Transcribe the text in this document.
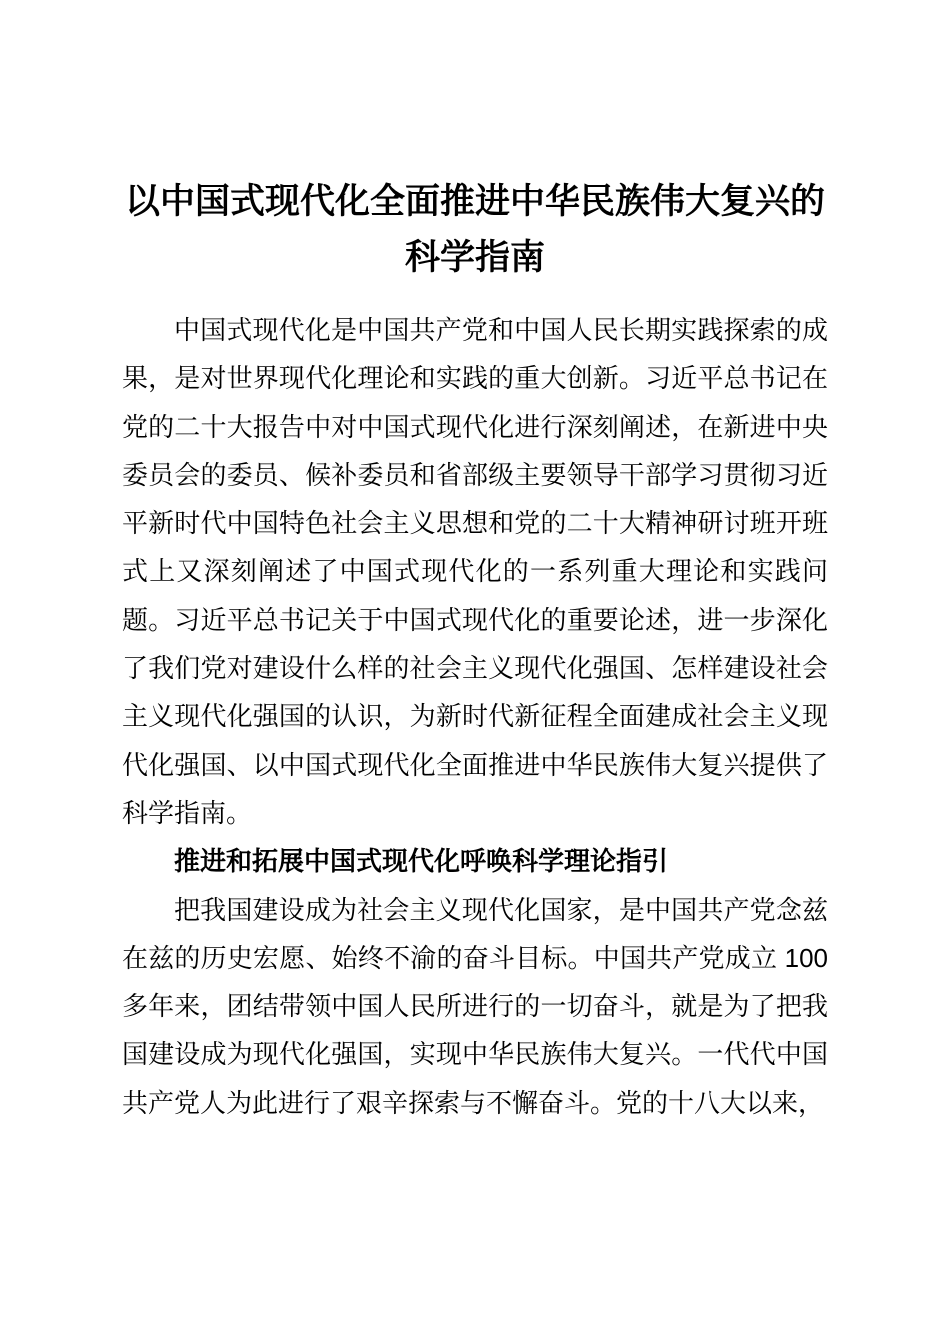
以中国式现代化全面推进中华民族伟大复兴的科学指南

中国式现代化是中国共产党和中国人民长期实践探索的成果，是对世界现代化理论和实践的重大创新。习近平总书记在党的二十大报告中对中国式现代化进行深刻阐述，在新进中央委员会的委员、候补委员和省部级主要领导干部学习贯彻习近平新时代中国特色社会主义思想和党的二十大精神研讨班开班式上又深刻阐述了中国式现代化的一系列重大理论和实践问题。习近平总书记关于中国式现代化的重要论述，进一步深化了我们党对建设什么样的社会主义现代化强国、怎样建设社会主义现代化强国的认识，为新时代新征程全面建成社会主义现代化强国、以中国式现代化全面推进中华民族伟大复兴提供了科学指南。

推进和拓展中国式现代化呼唤科学理论指引

把我国建设成为社会主义现代化国家，是中国共产党念兹在兹的历史宏愿、始终不渝的奋斗目标。中国共产党成立 100 多年来，团结带领中国人民所进行的一切奋斗，就是为了把我国建设成为现代化强国，实现中华民族伟大复兴。一代代中国共产党人为此进行了艰辛探索与不懈奋斗。党的十八大以来，
